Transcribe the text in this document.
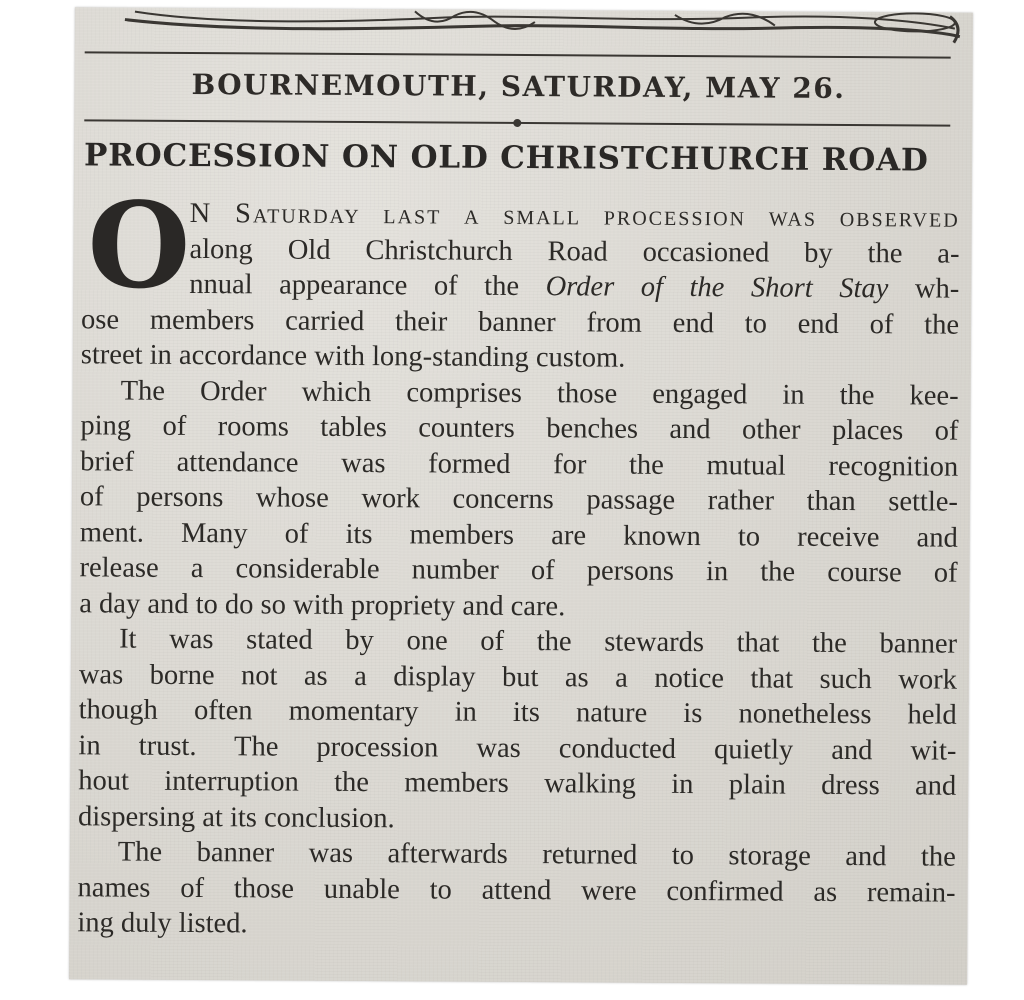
BOURNEMOUTH, SATURDAY, MAY 26.
PROCESSION ON OLD CHRISTCHURCH ROAD
O
N Saturday last a small procession was observed
along Old Christchurch Road occasioned by the a-
nnual appearance of the Order of the Short Stay wh-
ose members carried their banner from end to end of the
street in accordance with long-standing custom.
The Order which comprises those engaged in the kee-
ping of rooms tables counters benches and other places of
brief attendance was formed for the mutual recognition
of persons whose work concerns passage rather than settle-
ment. Many of its members are known to receive and
release a considerable number of persons in the course of
a day and to do so with propriety and care.
It was stated by one of the stewards that the banner
was borne not as a display but as a notice that such work
though often momentary in its nature is nonetheless held
in trust. The procession was conducted quietly and wit-
hout interruption the members walking in plain dress and
dispersing at its conclusion.
The banner was afterwards returned to storage and the
names of those unable to attend were confirmed as remain-
ing duly listed.
